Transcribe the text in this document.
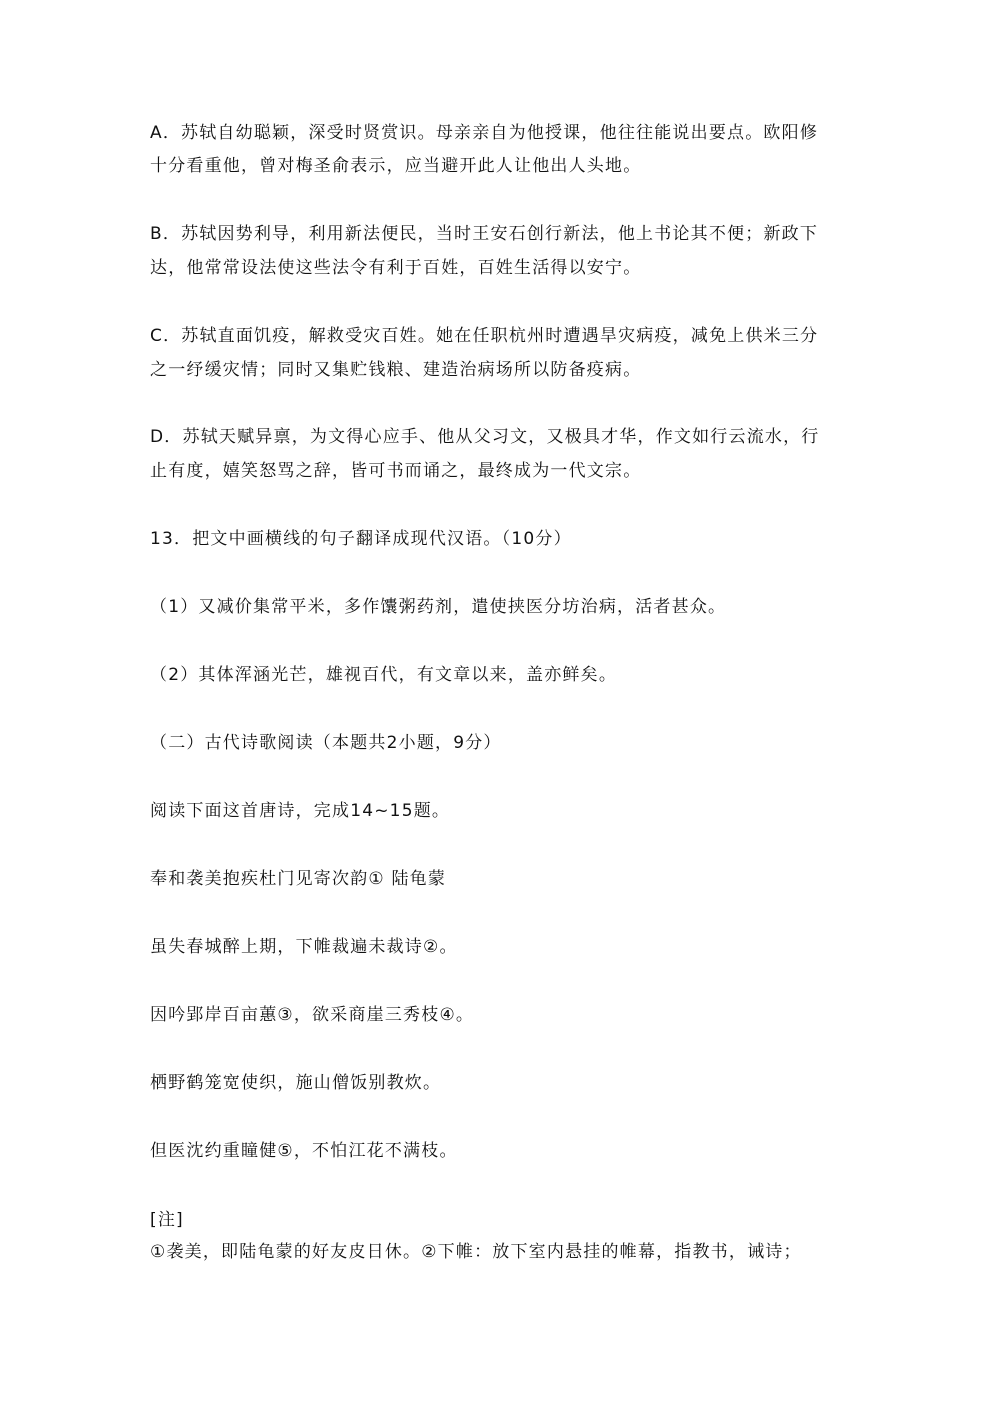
A．苏轼自幼聪颖，深受时贤赏识。母亲亲自为他授课，他往往能说出要点。欧阳修
十分看重他，曾对梅圣俞表示，应当避开此人让他出人头地。
B．苏轼因势利导，利用新法便民，当时王安石创行新法，他上书论其不便；新政下
达，他常常设法使这些法令有利于百姓，百姓生活得以安宁。
C．苏轼直面饥疫，解救受灾百姓。她在任职杭州时遭遇旱灾病疫，减免上供米三分
之一纾缓灾情；同时又集贮钱粮、建造治病场所以防备疫病。
D．苏轼天赋异禀，为文得心应手、他从父习文，又极具才华，作文如行云流水，行
止有度，嬉笑怒骂之辞，皆可书而诵之，最终成为一代文宗。
13．把文中画横线的句子翻译成现代汉语。（10分）
（1）又减价集常平米，多作馕粥药剂，遣使挟医分坊治病，活者甚众。
（2）其体浑涵光芒，雄视百代，有文章以来，盖亦鲜矣。
（二）古代诗歌阅读（本题共2小题，9分）
阅读下面这首唐诗，完成14~15题。
奉和袭美抱疾杜门见寄次韵① 陆龟蒙
虽失春城醉上期，下帷裁遍未裁诗②。
因吟郢岸百亩蕙③，欲采商崖三秀枝④。
栖野鹤笼宽使织，施山僧饭别教炊。
但医沈约重瞳健⑤，不怕江花不满枝。
[注]
①袭美，即陆龟蒙的好友皮日休。②下帷：放下室内悬挂的帷幕，指教书，诫诗；
